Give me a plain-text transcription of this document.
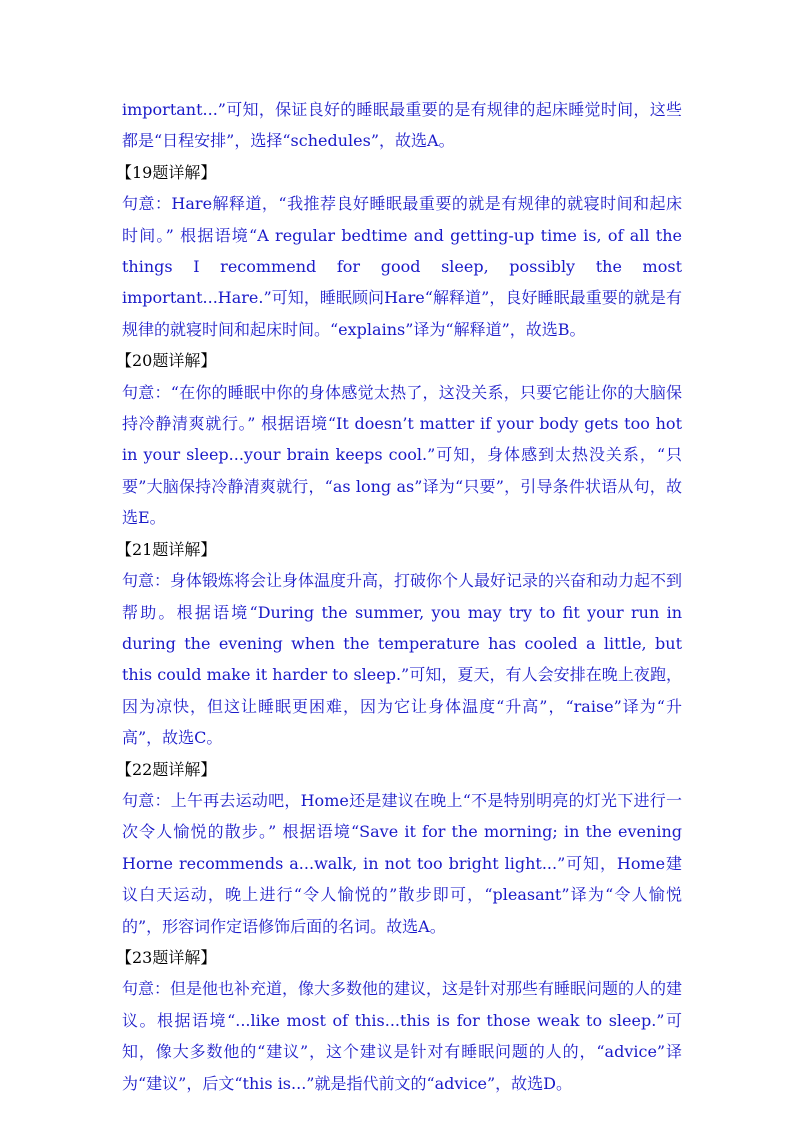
important...”可知，保证良好的睡眠最重要的是有规律的起床睡觉时间，这些都是“日程安排”，选择“schedules”，故选A。

【19题详解】

句意：Hare解释道，“我推荐良好睡眠最重要的就是有规律的就寝时间和起床时间。” 根据语境“A regular bedtime and getting-up time is, of all the things I recommend for good sleep, possibly the most important...Hare.”可知，睡眠顾问Hare“解释道”，良好睡眠最重要的就是有规律的就寝时间和起床时间。“explains”译为“解释道”，故选B。

【20题详解】

句意：“在你的睡眠中你的身体感觉太热了，这没关系，只要它能让你的大脑保持冷静清爽就行。” 根据语境“It doesn’t matter if your body gets too hot in your sleep...your brain keeps cool.”可知，身体感到太热没关系，“只要”大脑保持冷静清爽就行，“as long as”译为“只要”，引导条件状语从句，故选E。

【21题详解】

句意：身体锻炼将会让身体温度升高，打破你个人最好记录的兴奋和动力起不到帮助。根据语境“During the summer, you may try to fit your run in during the evening when the temperature has cooled a little, but this could make it harder to sleep.”可知，夏天，有人会安排在晚上夜跑，因为凉快，但这让睡眠更困难，因为它让身体温度“升高”，“raise”译为“升高”，故选C。

【22题详解】

句意：上午再去运动吧，Home还是建议在晚上“不是特别明亮的灯光下进行一次令人愉悦的散步。” 根据语境“Save it for the morning; in the evening Horne recommends a...walk, in not too bright light...”可知，Home建议白天运动，晚上进行“令人愉悦的”散步即可，“pleasant”译为“令人愉悦的”，形容词作定语修饰后面的名词。故选A。

【23题详解】

句意：但是他也补充道，像大多数他的建议，这是针对那些有睡眠问题的人的建议。根据语境“...like most of this...this is for those weak to sleep.”可知，像大多数他的“建议”，这个建议是针对有睡眠问题的人的，“advice”译为“建议”，后文“this is...”就是指代前文的“advice”，故选D。
